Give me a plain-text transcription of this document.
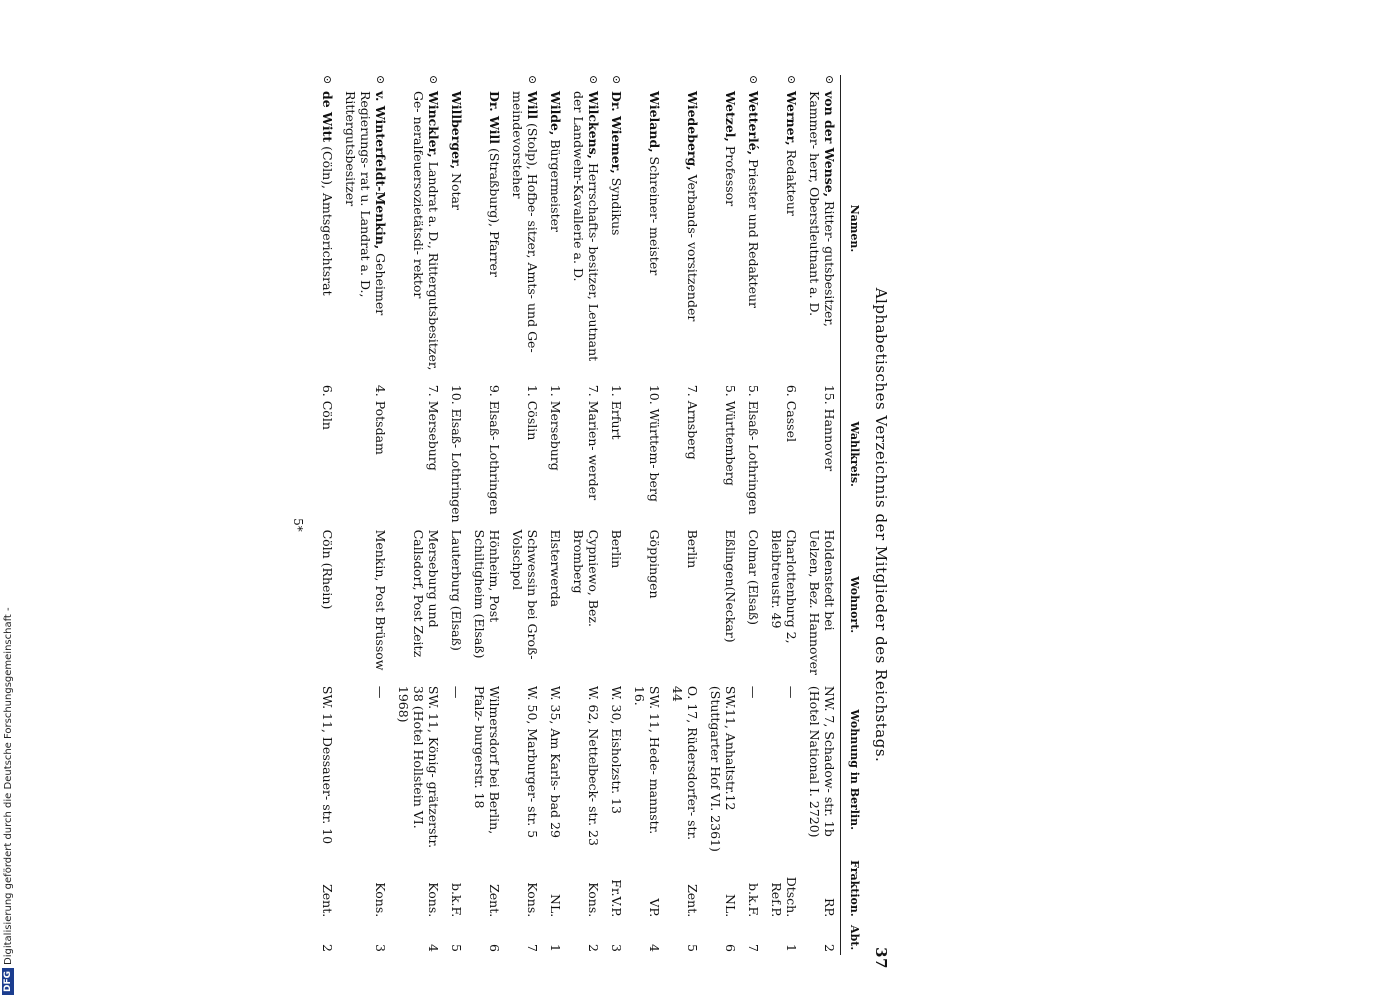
Alphabetisches Verzeichnis der Mitglieder des Reichstags.
37
Namen.	Wahlkreis.	Wohnort.	Wohnung in Berlin.	Fraktion.	Abt.

⊙
von der Wense, Ritter- gutsbesitzer, Kammer- herr, Oberstleutnant a. D.	15. Hannover	Holdenstedt bei Uelzen, Bez. Hannover	NW. 7, Schadow- str. 1b (Hotel National I. 2720)	RP.	2

⊙
Werner, Redakteur	6. Cassel	Charlottenburg 2, Bleibtreustr. 49	—	Dtsch. Ref.P.	1

⊙
Wetterlé, Priester und Redakteur	5. Elsaß- Lothringen	Colmar (Elsaß)	—	b.k.F.	7

Wetzel, Professor	5. Württemberg	Eßlingen(Neckar)	SW.11, Anhaltstr.12 (Stuttgarter Hof VI. 2361)	NL.	6

Wiedeberg, Verbands- vorsitzender	7. Arnsberg	Berlin	O. 17, Rüdersdorfer- str. 44	Zent.	5

Wieland, Schreiner- meister	10. Württem- berg	Göppingen	SW. 11, Hede- mannstr. 16.	VP.	4

⊙
Dr. Wiemer, Syndikus	1. Erfurt	Berlin	W. 30, Eisholzstr. 13	Fr.V.P.	3

⊙
Wilckens, Herrschafts- besitzer, Leutnant der Landwehr-Kavallerie a. D.	7. Marien- werder	Cypniewo, Bez. Bromberg	W. 62, Nettelbeck- str. 23	Kons.	2

Wilde, Bürgermeister	1. Merseburg	Elsterwerda	W. 35, Am Karls- bad 29	NL.	1

⊙
Will (Stolp), Hofbe- sitzer, Amts- und Ge- meindevorsteher	1. Cöslin	Schwessin bei Groß-Volschpol	W. 50, Marburger- str. 5	Kons.	7

Dr. Will (Straßburg), Pfarrer	9. Elsaß- Lothringen	Hönheim, Post Schiltigheim (Elsaß)	Wilmersdorf bei Berlin, Pfalz- burgerstr. 18	Zent.	6

Willberger, Notar	10. Elsaß- Lothringen	Lauterburg (Elsaß)	—	b.k.F.	5

⊙
Winckler, Landrat a. D., Rittergutsbesitzer, Ge- neralfeuersozietätsdi- rektor	7. Merseburg	Merseburg und Callsdorf, Post Zeitz	SW. 11, König- grätzerstr. 38 (Hotel Hollstein VI. 1968)	Kons.	4

⊙
v. Winterfeldt-Menkin, Geheimer Regierungs- rat u. Landrat a. D., Rittergutsbesitzer	4. Potsdam	Menkin, Post Brüssow	—	Kons.	3

⊙
de Witt (Cöln), Amtsgerichtsrat	6. Cöln	Cöln (Rhein)	SW. 11, Dessauer- str. 10	Zent.	2
5*
DFG
Digitalisierung gefördert durch die Deutsche Forschungsgemeinschaft -
